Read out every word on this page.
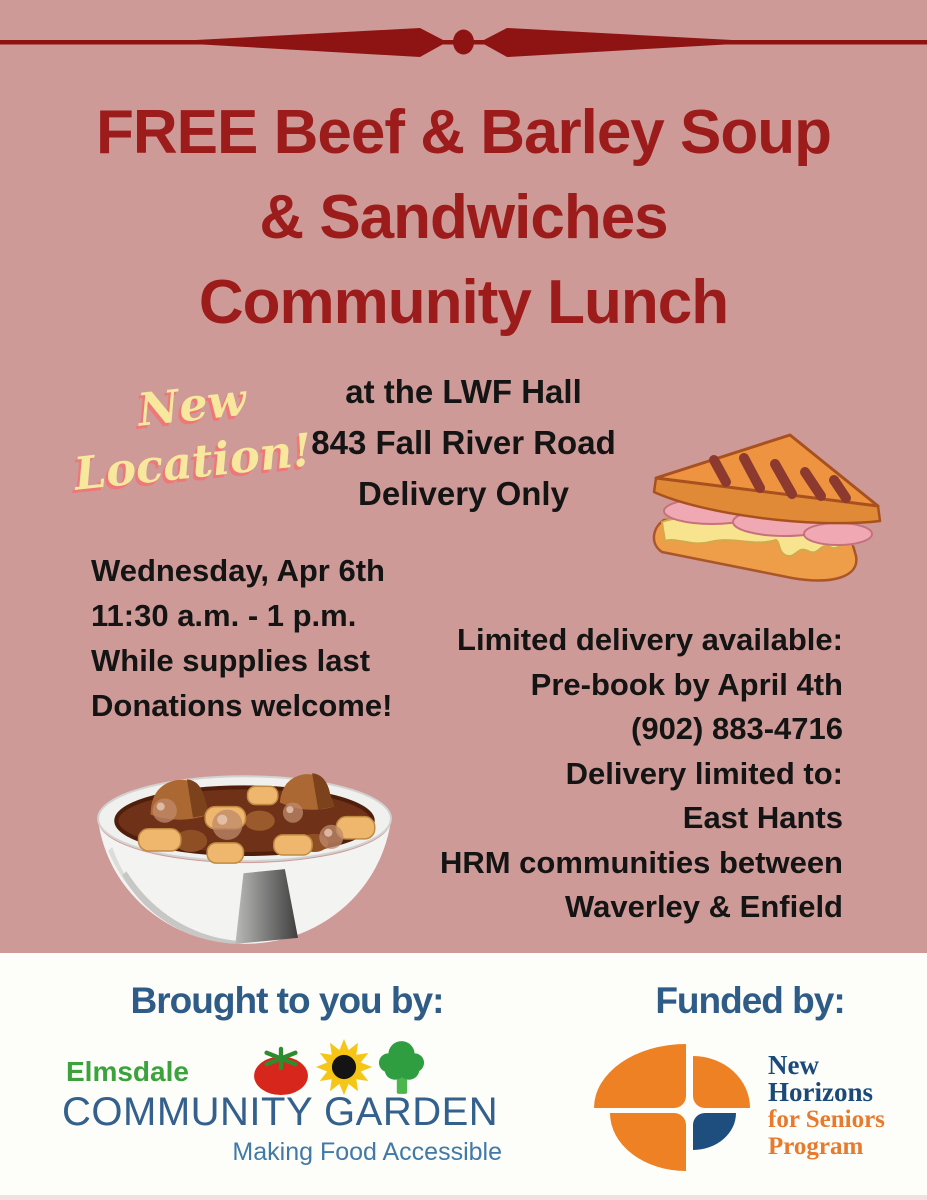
FREE Beef & Barley Soup
& Sandwiches
Community Lunch
New
Location!
at the LWF Hall
843 Fall River Road
Delivery Only
Wednesday, Apr 6th
11:30 a.m. - 1 p.m.
While supplies last
Donations welcome!
Limited delivery available:
Pre-book by April 4th
(902) 883-4716
Delivery limited to:
East Hants
HRM communities between
Waverley & Enfield
Brought to you by:	Funded by:
Elmsdale
COMMUNITY GARDEN
Making Food Accessible
New
Horizons
for Seniors
Program
